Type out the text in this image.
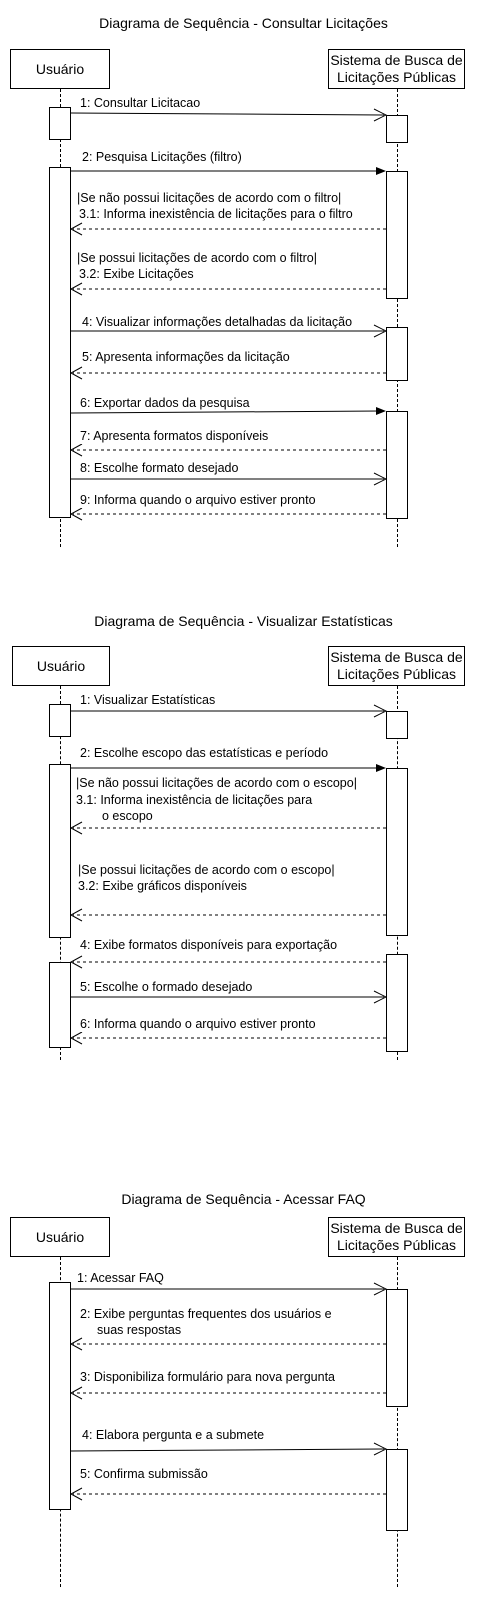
Diagrama de Sequência - Consultar Licitações
Usuário
Sistema de Busca de
Licitações Públicas
1: Consultar Licitacao
2: Pesquisa Licitações (filtro)
|Se não possui licitações de acordo com o filtro|
3.1: Informa inexistência de licitações para o filtro
|Se possui licitações de acordo com o filtro|
3.2: Exibe Licitações
4: Visualizar informações detalhadas da licitação
5: Apresenta informações da licitação
6: Exportar dados da pesquisa
7: Apresenta formatos disponíveis
8: Escolhe formato desejado
9: Informa quando o arquivo estiver pronto
Diagrama de Sequência - Visualizar Estatísticas
Usuário
Sistema de Busca de
Licitações Públicas
1: Visualizar Estatísticas
2: Escolhe escopo das estatísticas e período
|Se não possui licitações de acordo com o escopo|
3.1: Informa inexistência de licitações para
o escopo
|Se possui licitações de acordo com o escopo|
3.2: Exibe gráficos disponíveis
4: Exibe formatos disponíveis para exportação
5: Escolhe o formado desejado
6: Informa quando o arquivo estiver pronto
Diagrama de Sequência - Acessar FAQ
Usuário
Sistema de Busca de
Licitações Públicas
1: Acessar FAQ
2: Exibe perguntas frequentes dos usuários e
suas respostas
3: Disponibiliza formulário para nova pergunta
4: Elabora pergunta e a submete
5: Confirma submissão
